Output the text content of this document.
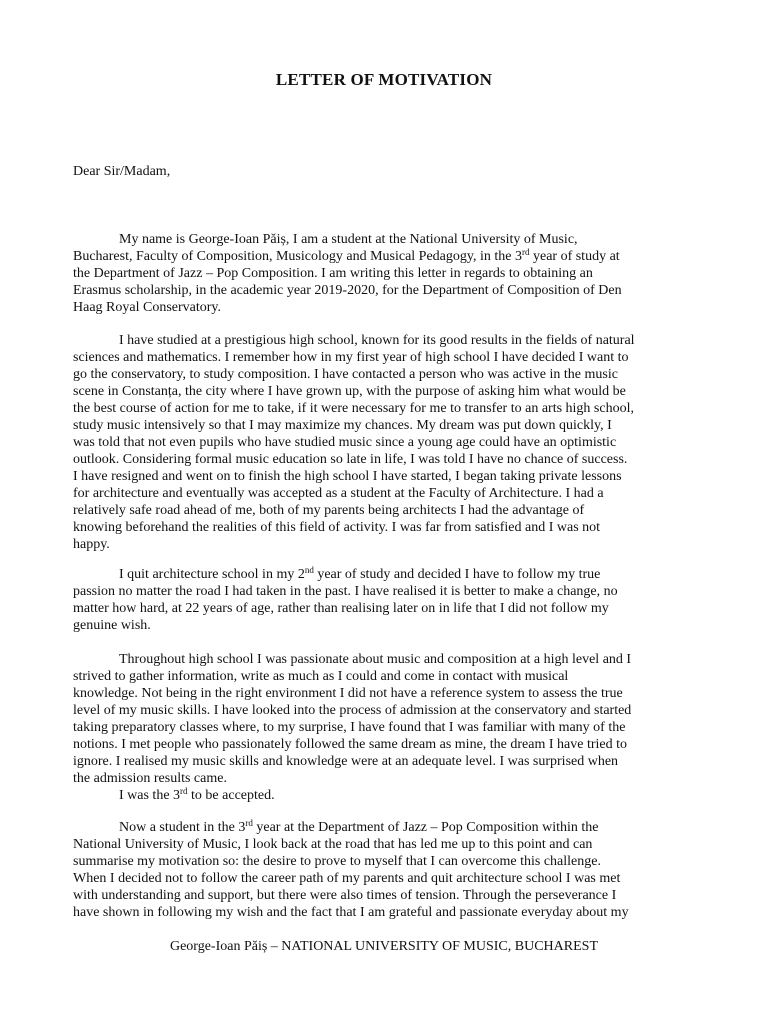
LETTER OF MOTIVATION
Dear Sir/Madam,
My name is George-Ioan Păiș, I am a student at the National University of Music,
Bucharest, Faculty of Composition, Musicology and Musical Pedagogy, in the 3rd year of study at
the Department of Jazz – Pop Composition. I am writing this letter in regards to obtaining an
Erasmus scholarship, in the academic year 2019-2020, for the Department of Composition of Den
Haag Royal Conservatory.
I have studied at a prestigious high school, known for its good results in the fields of natural
sciences and mathematics. I remember how in my first year of high school I have decided I want to
go the conservatory, to study composition. I have contacted a person who was active in the music
scene in Constanța, the city where I have grown up, with the purpose of asking him what would be
the best course of action for me to take, if it were necessary for me to transfer to an arts high school,
study music intensively so that I may maximize my chances. My dream was put down quickly, I
was told that not even pupils who have studied music since a young age could have an optimistic
outlook. Considering formal music education so late in life, I was told I have no chance of success.
I have resigned and went on to finish the high school I have started, I began taking private lessons
for architecture and eventually was accepted as a student at the Faculty of Architecture. I had a
relatively safe road ahead of me, both of my parents being architects I had the advantage of
knowing beforehand the realities of this field of activity. I was far from satisfied and I was not
happy.
I quit architecture school in my 2nd year of study and decided I have to follow my true
passion no matter the road I had taken in the past. I have realised it is better to make a change, no
matter how hard, at 22 years of age, rather than realising later on in life that I did not follow my
genuine wish.
Throughout high school I was passionate about music and composition at a high level and I
strived to gather information, write as much as I could and come in contact with musical
knowledge. Not being in the right environment I did not have a reference system to assess the true
level of my music skills. I have looked into the process of admission at the conservatory and started
taking preparatory classes where, to my surprise, I have found that I was familiar with many of the
notions. I met people who passionately followed the same dream as mine, the dream I have tried to
ignore. I realised my music skills and knowledge were at an adequate level. I was surprised when
the admission results came.
I was the 3rd to be accepted.
Now a student in the 3rd year at the Department of Jazz – Pop Composition within the
National University of Music, I look back at the road that has led me up to this point and can
summarise my motivation so: the desire to prove to myself that I can overcome this challenge.
When I decided not to follow the career path of my parents and quit architecture school I was met
with understanding and support, but there were also times of tension. Through the perseverance I
have shown in following my wish and the fact that I am grateful and passionate everyday about my
George-Ioan Păiș – NATIONAL UNIVERSITY OF MUSIC, BUCHAREST
